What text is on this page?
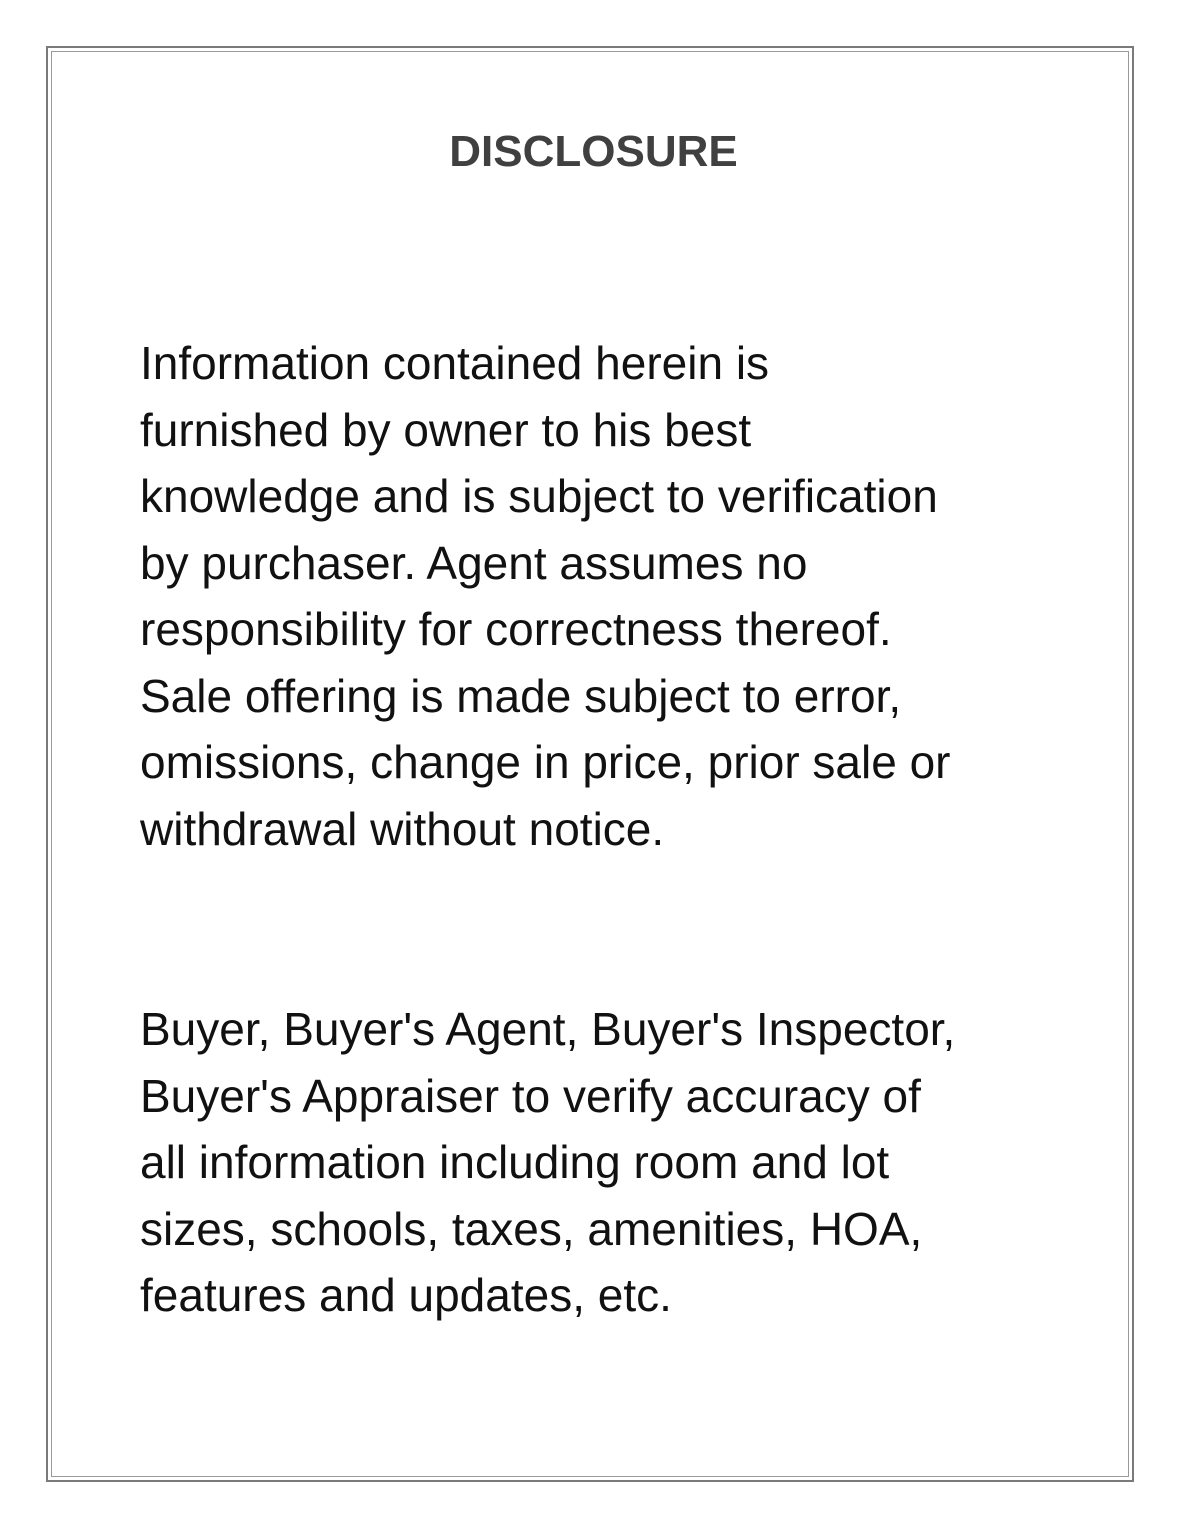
DISCLOSURE
Information contained herein is
furnished by owner to his best
knowledge and is subject to verification
by purchaser. Agent assumes no
responsibility for correctness thereof.
Sale offering is made subject to error,
omissions, change in price, prior sale or
withdrawal without notice.
Buyer, Buyer's Agent, Buyer's Inspector,
Buyer's Appraiser to verify accuracy of
all information including room and lot
sizes, schools, taxes, amenities, HOA,
features and updates, etc.
